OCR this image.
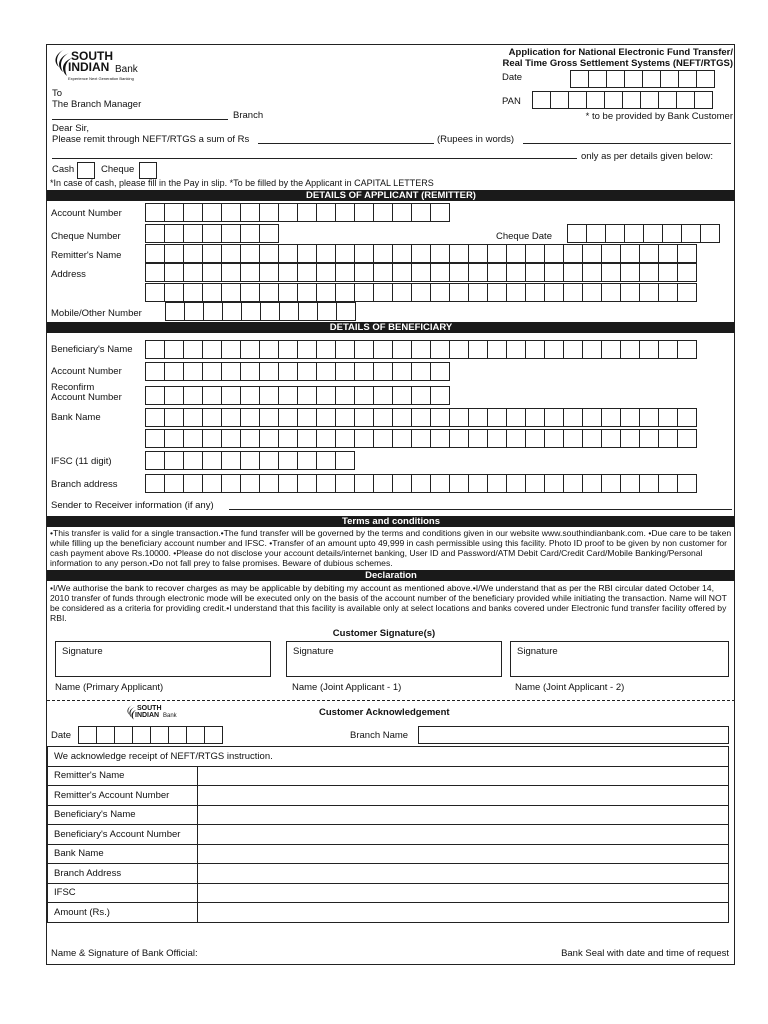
SOUTH
INDIAN Bank
Experience Next Generation Banking
Application for National Electronic Fund Transfer/
Real Time Gross Settlement Systems (NEFT/RTGS)
Date
PAN
* to be provided by Bank Customer
To
The Branch Manager
Branch
Dear Sir,
Please remit through NEFT/RTGS a sum of Rs	(Rupees in words)
only as per details given below:
Cash	Cheque
*In case of cash, please fill in the Pay in slip. *To be filled by the Applicant in CAPITAL LETTERS
DETAILS OF APPLICANT (REMITTER)
Account Number
Cheque Number	Cheque Date
Remitter's Name
Address
Mobile/Other Number
DETAILS OF BENEFICIARY
Beneficiary's Name
Account Number
Reconfirm
Account Number
Bank Name
IFSC (11 digit)
Branch address
Sender to Receiver information (if any)
Terms and conditions
•This transfer is valid for a single transaction.•The fund transfer will be governed by the terms and conditions given in our website www.southindianbank.com. •Due care to be taken while filling up the beneficiary account number and IFSC. •Transfer of an amount upto 49,999 in cash permissible using this facility. Photo ID proof to be given by non customer for cash payment above Rs.10000. •Please do not disclose your account details/internet banking, User ID and Password/ATM Debit Card/Credit Card/Mobile Banking/Personal information to any person.•Do not fall prey to false promises. Beware of dubious schemes.
Declaration
•I/We authorise the bank to recover charges as may be applicable by debiting my account as mentioned above.•I/We understand that as per the RBI circular dated October 14, 2010 transfer of funds through electronic mode will be executed only on the basis of the account number of the beneficiary provided while initiating the transaction. Name will NOT be considered as a criteria for providing credit.•I understand that this facility is available only at select locations and banks covered under Electronic fund transfer facility offered by RBI.
Customer Signature(s)
Signature	Signature	Signature
Name (Primary Applicant)	Name (Joint Applicant - 1)	Name (Joint Applicant - 2)
SOUTH
INDIAN Bank	Customer Acknowledgement
Date	Branch Name
We acknowledge receipt of NEFT/RTGS instruction.	
Remitter's Name	
Remitter's Account Number	
Beneficiary's Name	
Beneficiary's Account Number	
Bank Name	
Branch Address	
IFSC	
Amount (Rs.)	
Name & Signature of Bank Official:	Bank Seal with date and time of request
